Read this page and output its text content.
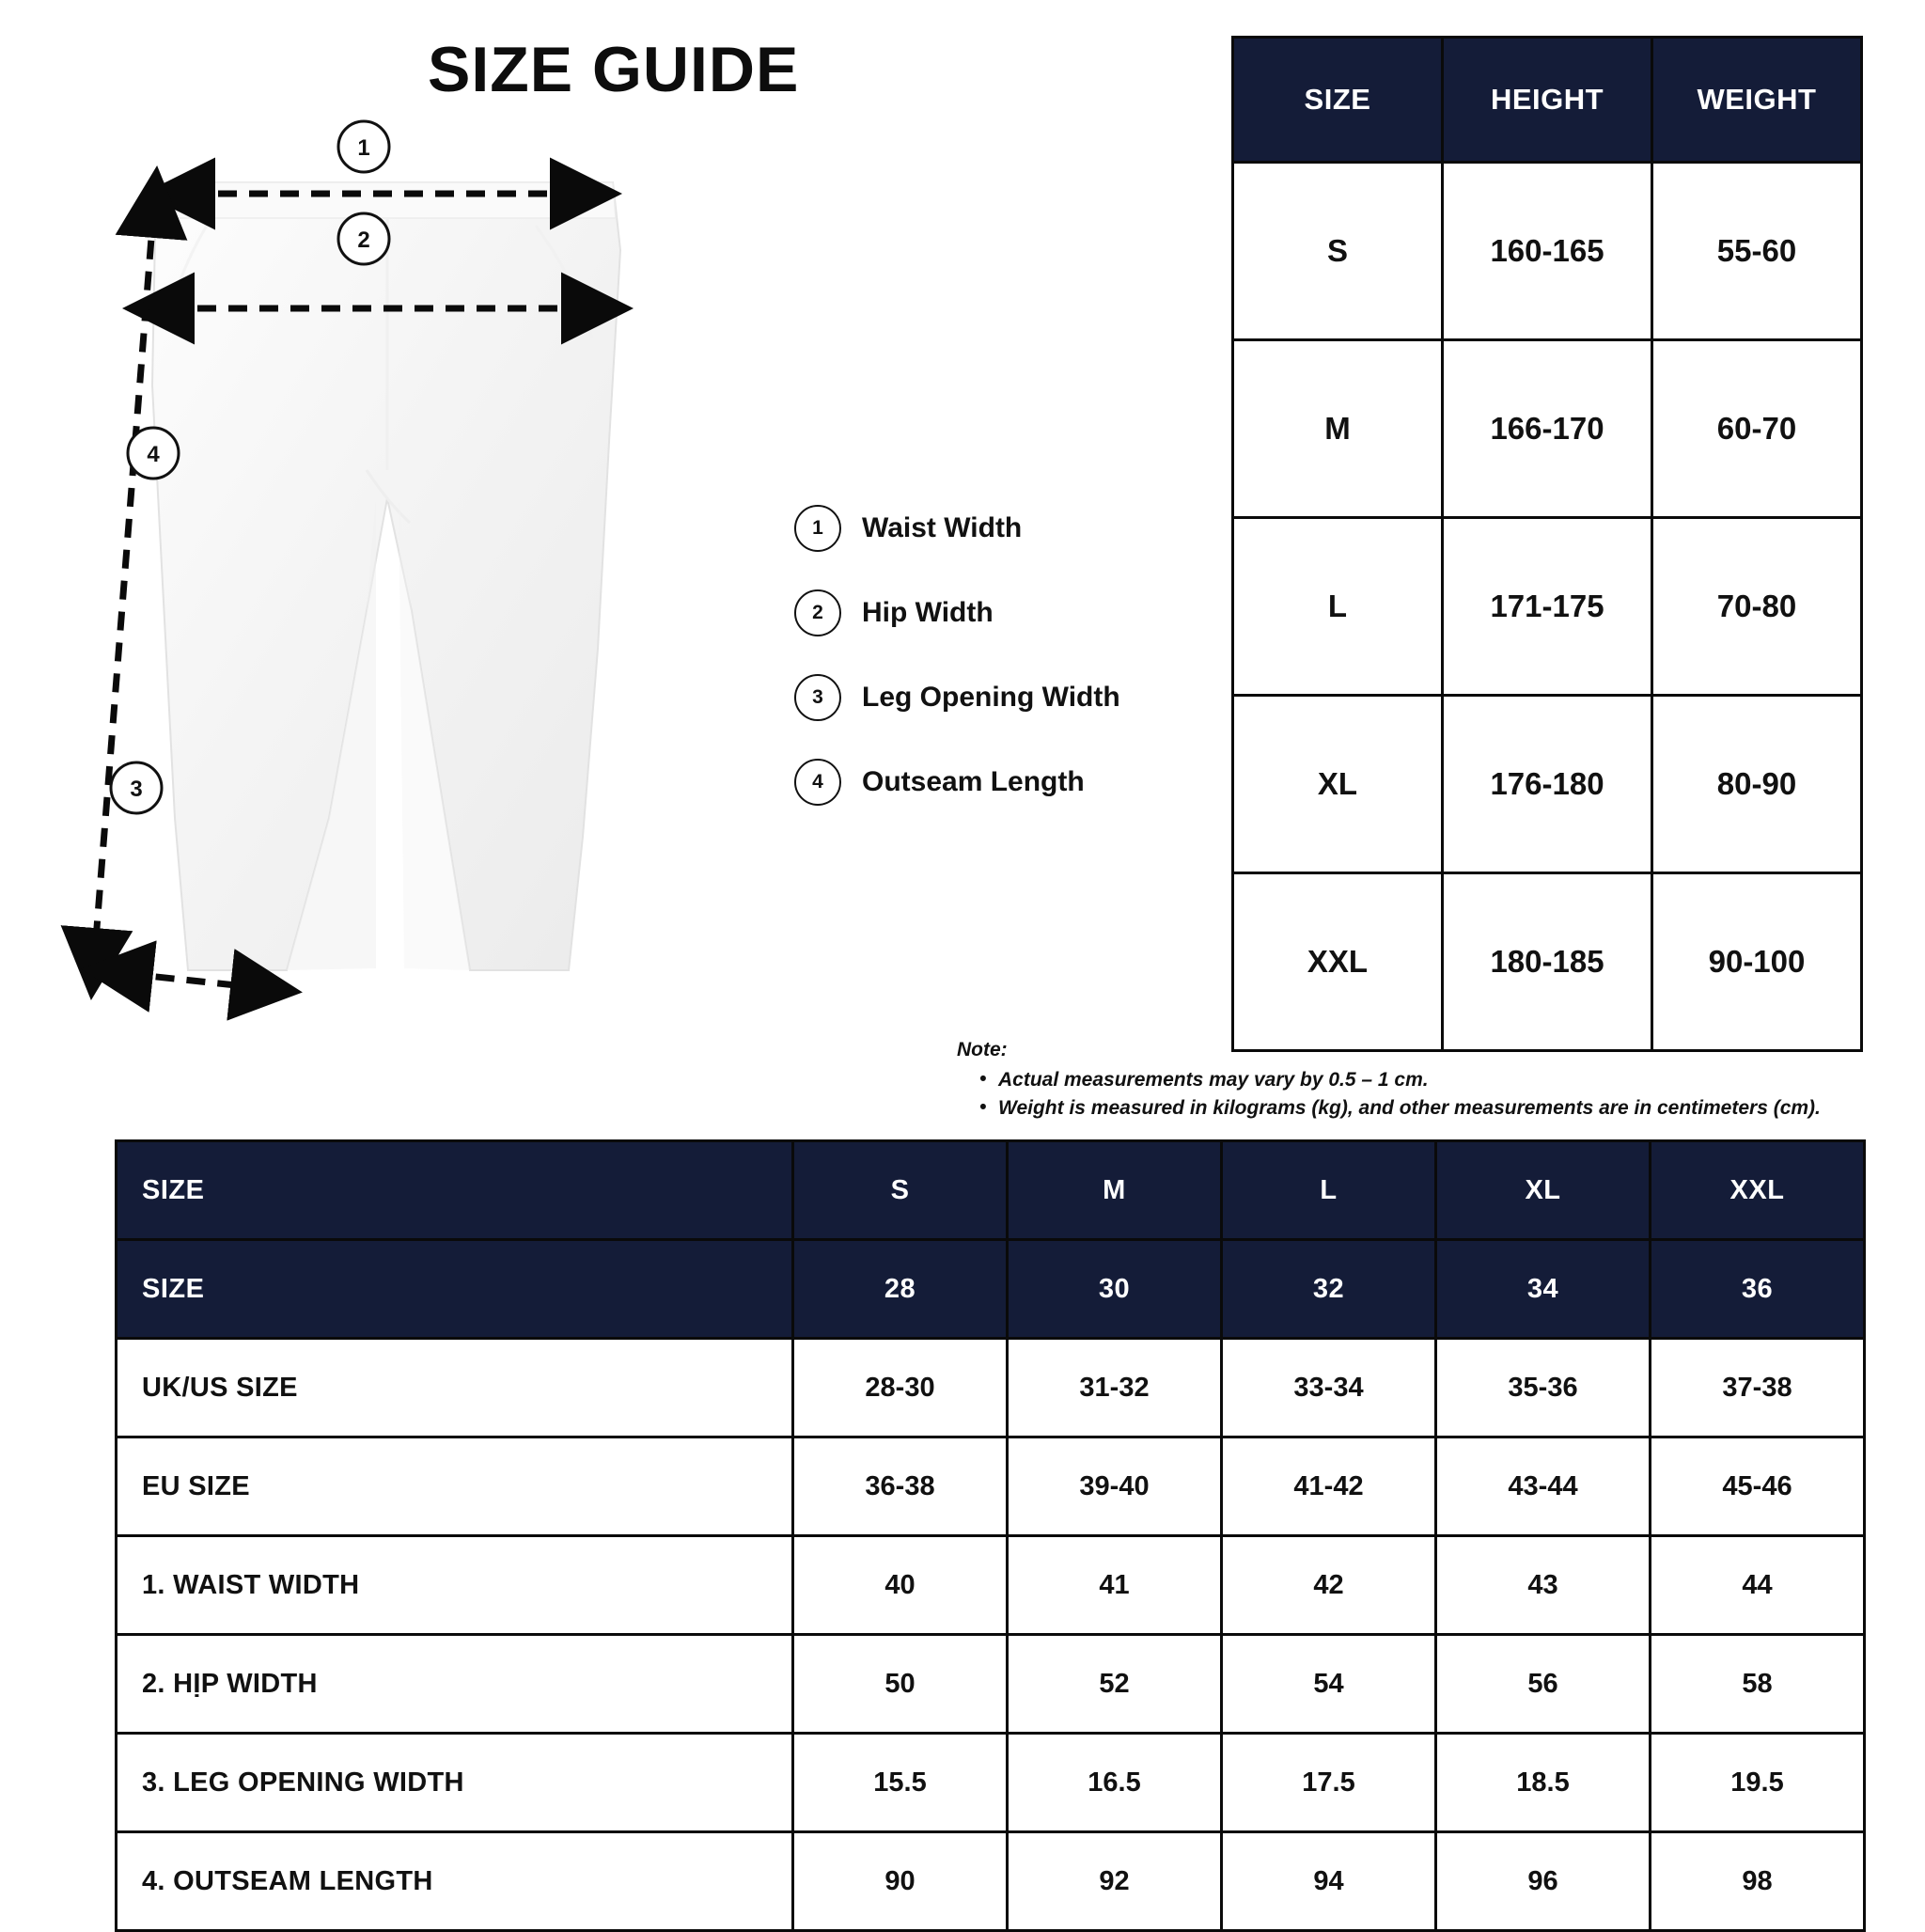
SIZE GUIDE
1
2
4
3
1	Waist Width
2	Hip Width
3	Leg Opening Width
4	Outseam Length
SIZE	HEIGHT	WEIGHT
S	160-165	55-60
M	166-170	60-70
L	171-175	70-80
XL	176-180	80-90
XXL	180-185	90-100
Note:
• Actual measurements may vary by 0.5 – 1 cm.
• Weight is measured in kilograms (kg), and other measurements are in centimeters (cm).
SIZE	S	M	L	XL	XXL
SIZE	28	30	32	34	36
UK/US SIZE	28-30	31-32	33-34	35-36	37-38
EU SIZE	36-38	39-40	41-42	43-44	45-46
1. WAIST WIDTH	40	41	42	43	44
2. HỊP WIDTH	50	52	54	56	58
3. LEG OPENING WIDTH	15.5	16.5	17.5	18.5	19.5
4. OUTSEAM LENGTH	90	92	94	96	98
